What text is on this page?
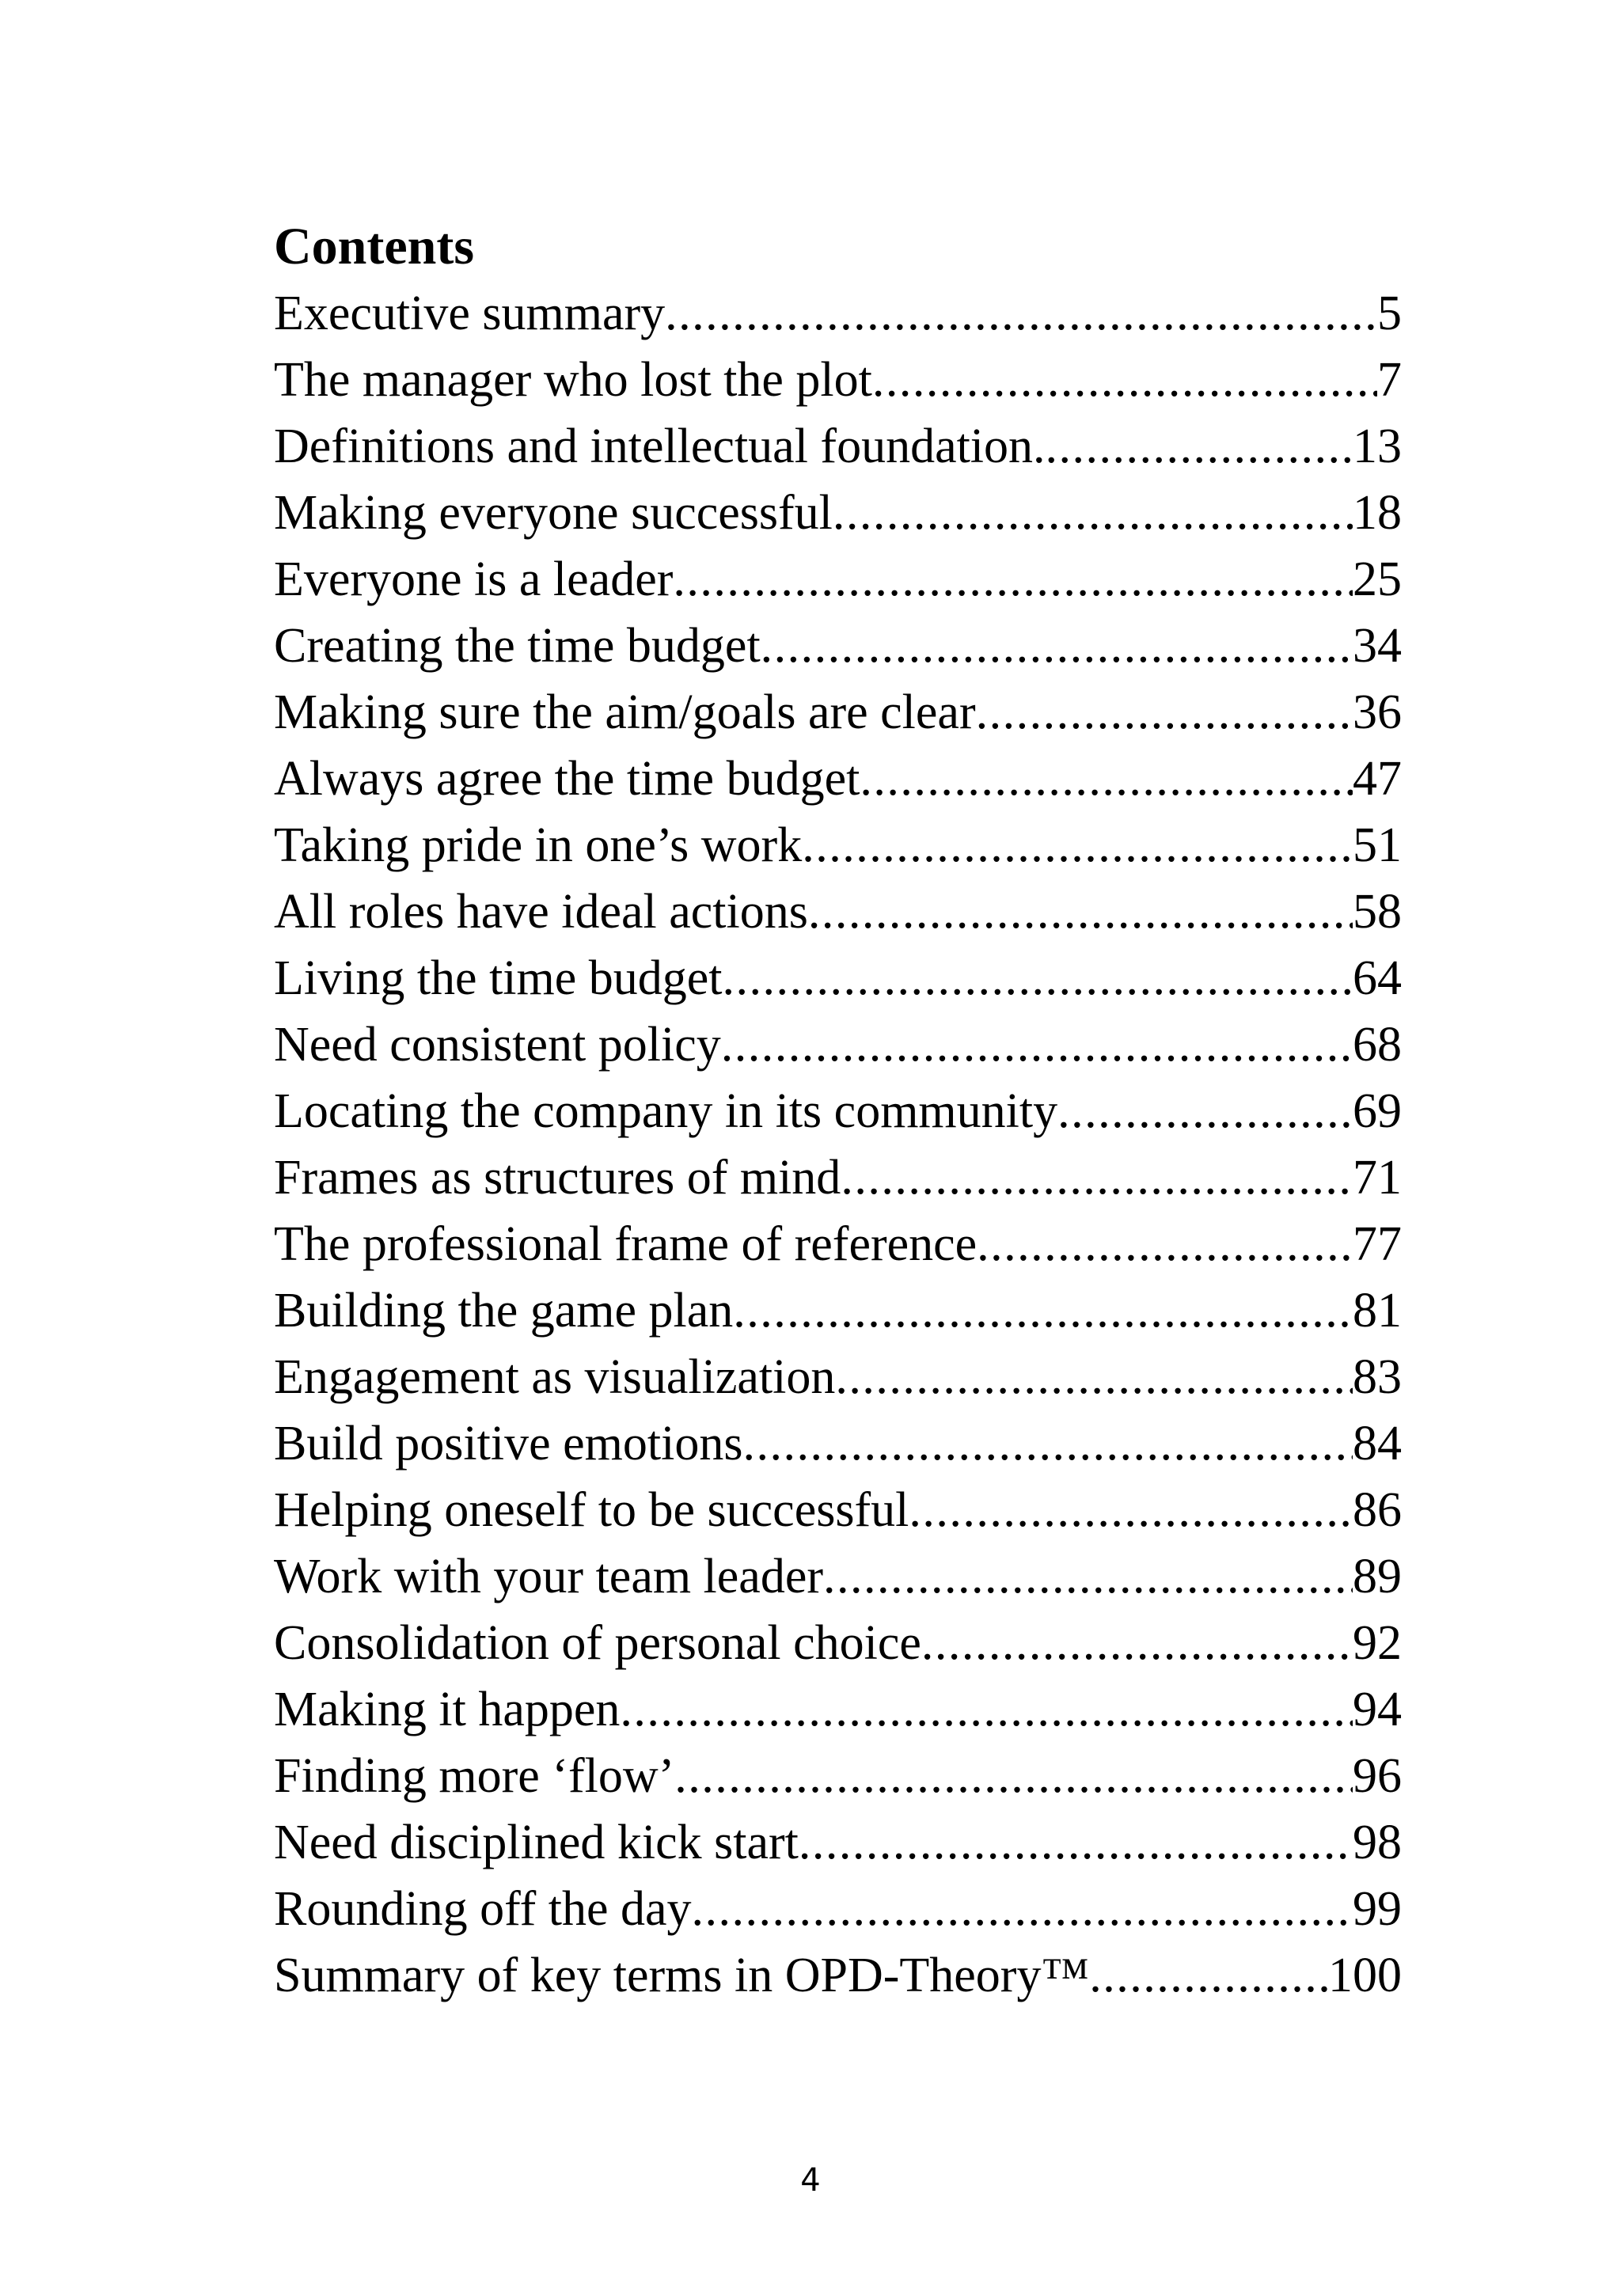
Contents
Executive summary .....	5
The manager who lost the plot .....	7
Definitions and intellectual foundation. .....	13
Making everyone successful .....	18
Everyone is a leader .....	25
Creating the time budget .....	34
Making sure the aim/goals are clear .....	36
Always agree the time budget .....	47
Taking pride in one’s work .....	51
All roles have ideal actions .....	58
Living the time budget .....	64
Need consistent policy .....	68
Locating the company in its community .....	69
Frames as structures of mind .....	71
The professional frame of reference .....	77
Building the game plan .....	81
Engagement as visualization .....	83
Build positive emotions .....	84
Helping oneself to be successful .....	86
Work with your team leader .....	89
Consolidation of personal choice .....	92
Making it happen .....	94
Finding more ‘flow’ .....	96
Need disciplined kick start .....	98
Rounding off the day .....	99
Summary of key terms in OPD-Theory™ .....	100
4
